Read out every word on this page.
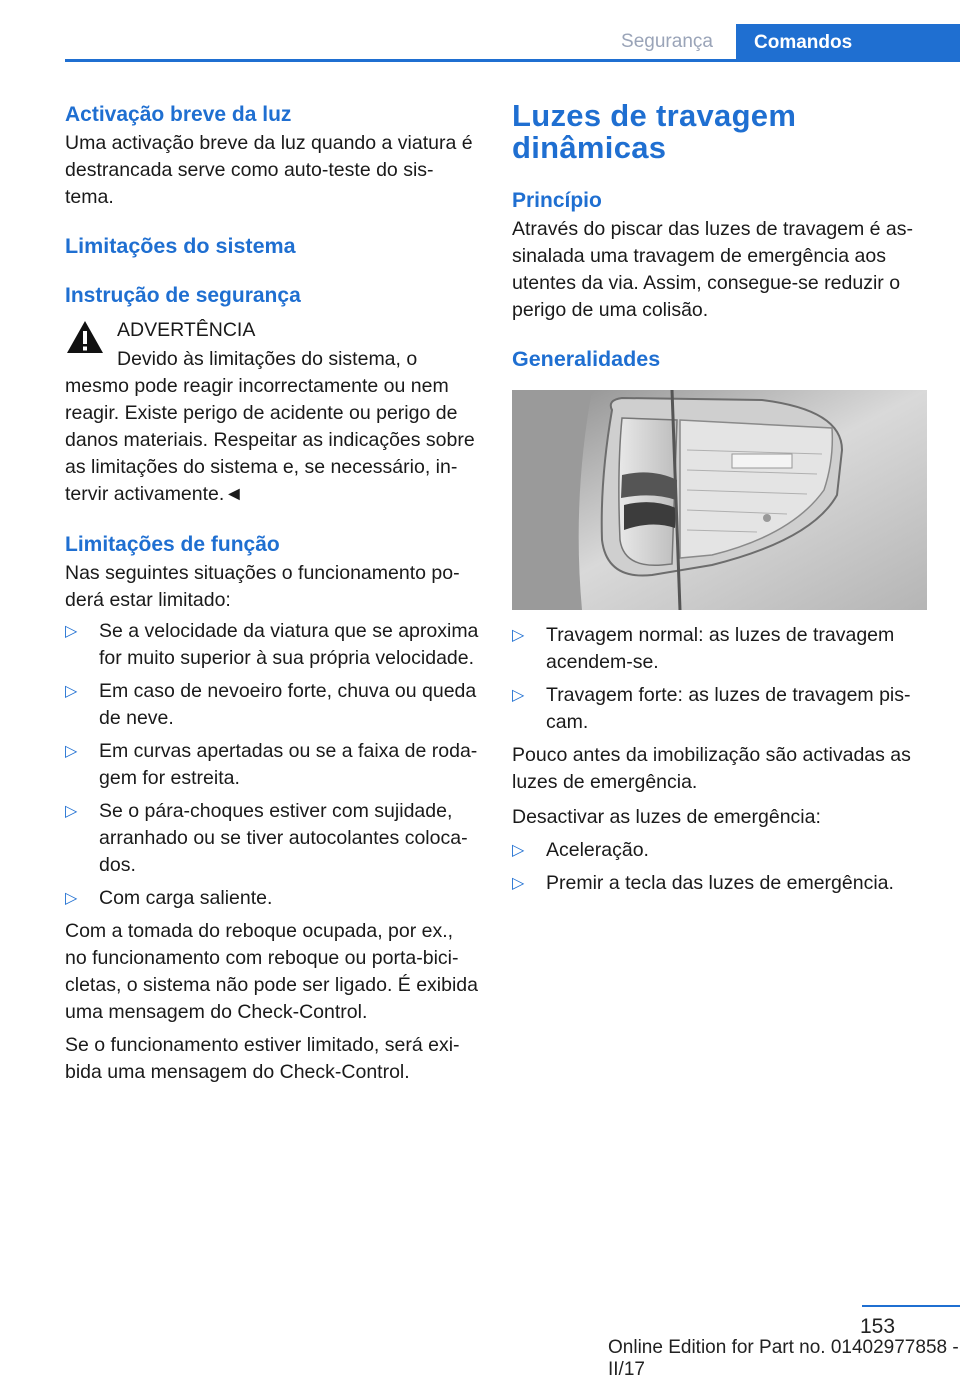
Segurança	Comandos
Activação breve da luz

Uma activação breve da luz quando a viatura é destrancada serve como auto-teste do sis-tema.

Limitações do sistema
Instrução de segurança

ADVERTÊNCIA

Devido às limitações do sistema, o mesmo pode reagir incorrectamente ou nem reagir. Existe perigo de acidente ou perigo de danos materiais. Respeitar as indicações sobre as limitações do sistema e, se necessário, in-tervir activamente.◄

Limitações de função

Nas seguintes situações o funcionamento po-derá estar limitado:

▷ Se a velocidade da viatura que se aproxima for muito superior à sua própria velocidade.
▷ Em caso de nevoeiro forte, chuva ou queda de neve.
▷ Em curvas apertadas ou se a faixa de roda-gem for estreita.
▷ Se o pára-choques estiver com sujidade, arranhado ou se tiver autocolantes coloca-dos.
▷ Com carga saliente.

Com a tomada do reboque ocupada, por ex., no funcionamento com reboque ou porta-bici-cletas, o sistema não pode ser ligado. É exibida uma mensagem do Check-Control.

Se o funcionamento estiver limitado, será exi-bida uma mensagem do Check-Control.

Luzes de travagem dinâmicas
Princípio

Através do piscar das luzes de travagem é as-sinalada uma travagem de emergência aos utentes da via. Assim, consegue-se reduzir o perigo de uma colisão.

Generalidades
▷ Travagem normal: as luzes de travagem acendem-se.
▷ Travagem forte: as luzes de travagem pis-cam.

Pouco antes da imobilização são activadas as luzes de emergência.

Desactivar as luzes de emergência:

▷ Aceleração.
▷ Premir a tecla das luzes de emergência.
153
Online Edition for Part no. 01402977858 - II/17
